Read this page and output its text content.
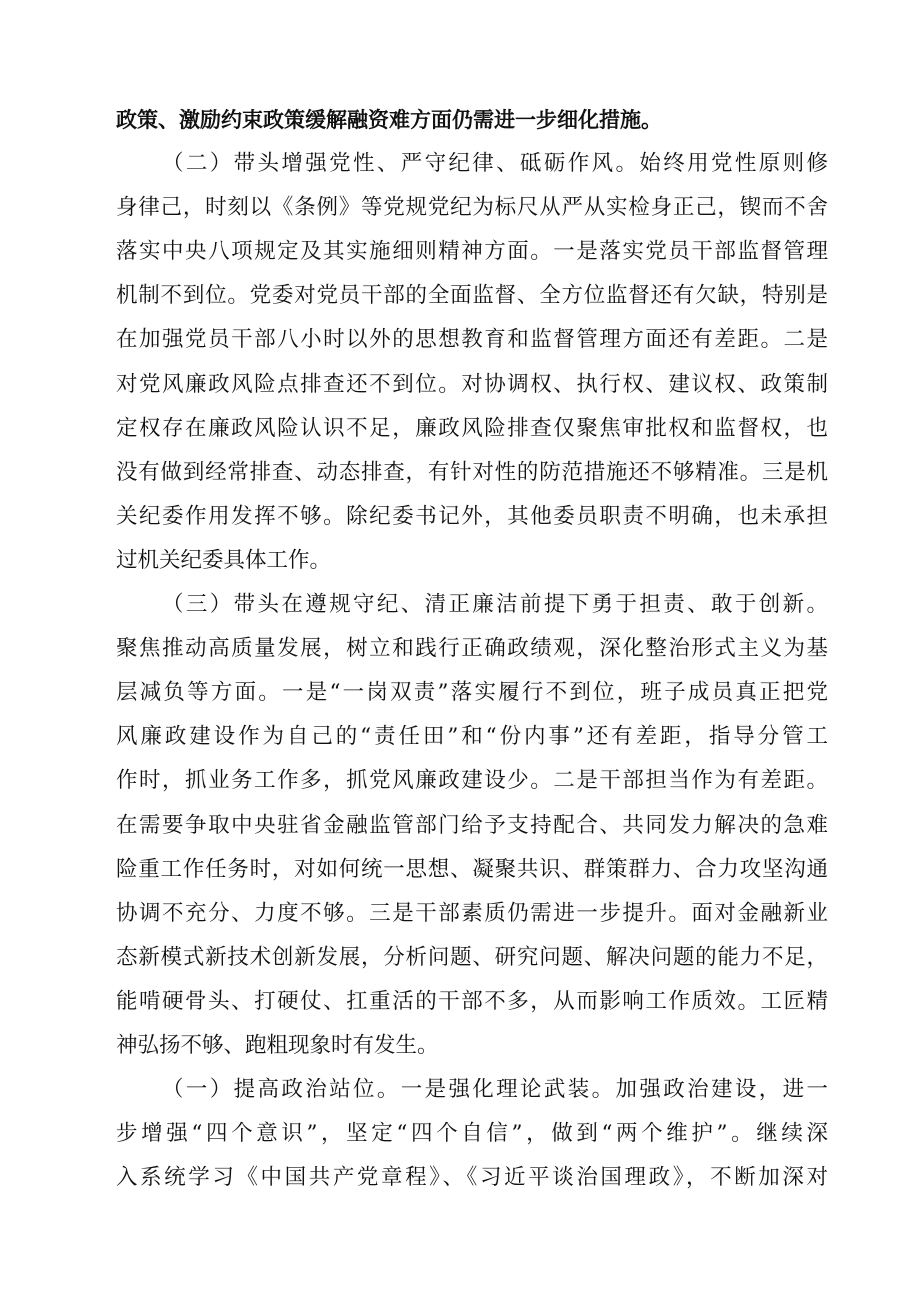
政策、激励约束政策缓解融资难方面仍需进一步细化措施。
（二）带头增强党性、严守纪律、砥砺作风。始终用党性原则修
身律己，时刻以《条例》等党规党纪为标尺从严从实检身正己，锲而不舍
落实中央八项规定及其实施细则精神方面。一是落实党员干部监督管理
机制不到位。党委对党员干部的全面监督、全方位监督还有欠缺，特别是
在加强党员干部八小时以外的思想教育和监督管理方面还有差距。二是
对党风廉政风险点排查还不到位。对协调权、执行权、建议权、政策制
定权存在廉政风险认识不足，廉政风险排查仅聚焦审批权和监督权，也
没有做到经常排查、动态排查，有针对性的防范措施还不够精准。三是机
关纪委作用发挥不够。除纪委书记外，其他委员职责不明确，也未承担
过机关纪委具体工作。
（三）带头在遵规守纪、清正廉洁前提下勇于担责、敢于创新。
聚焦推动高质量发展，树立和践行正确政绩观，深化整治形式主义为基
层减负等方面。一是“一岗双责”落实履行不到位，班子成员真正把党
风廉政建设作为自己的“责任田”和“份内事”还有差距，指导分管工
作时，抓业务工作多，抓党风廉政建设少。二是干部担当作为有差距。
在需要争取中央驻省金融监管部门给予支持配合、共同发力解决的急难
险重工作任务时，对如何统一思想、凝聚共识、群策群力、合力攻坚沟通
协调不充分、力度不够。三是干部素质仍需进一步提升。面对金融新业
态新模式新技术创新发展，分析问题、研究问题、解决问题的能力不足，
能啃硬骨头、打硬仗、扛重活的干部不多，从而影响工作质效。工匠精
神弘扬不够、跑粗现象时有发生。
（一）提高政治站位。一是强化理论武装。加强政治建设，进一
步增强“四个意识”，坚定“四个自信”，做到“两个维护”。继续深
入系统学习《中国共产党章程》、《习近平谈治国理政》，不断加深对
